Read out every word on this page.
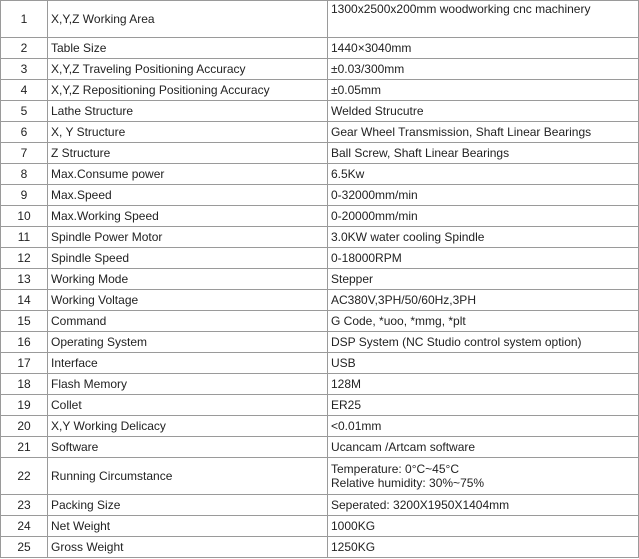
1	X,Y,Z Working Area	1300x2500x200mm woodworking cnc machinery

2	Table Size	1440×3040mm

3	X,Y,Z Traveling Positioning Accuracy	±0.03/300mm

4	X,Y,Z Repositioning Positioning Accuracy	±0.05mm

5	Lathe Structure	Welded Strucutre

6	X, Y Structure	Gear Wheel Transmission, Shaft Linear Bearings

7	Z Structure	Ball Screw, Shaft Linear Bearings

8	Max.Consume power	6.5Kw

9	Max.Speed	0-32000mm/min

10	Max.Working Speed	0-20000mm/min

11	Spindle Power Motor	3.0KW water cooling Spindle

12	Spindle Speed	0-18000RPM

13	Working Mode	Stepper

14	Working Voltage	AC380V,3PH/50/60Hz,3PH

15	Command	G Code, *uoo, *mmg, *plt

16	Operating System	DSP System (NC Studio control system option)

17	Interface	USB

18	Flash Memory	128M

19	Collet	ER25

20	X,Y Working Delicacy	<0.01mm

21	Software	Ucancam /Artcam software

22	Running Circumstance	Temperature: 0°C~45°C
Relative humidity: 30%~75%

23	Packing Size	Seperated: 3200X1950X1404mm

24	Net Weight	1000KG

25	Gross Weight	1250KG
